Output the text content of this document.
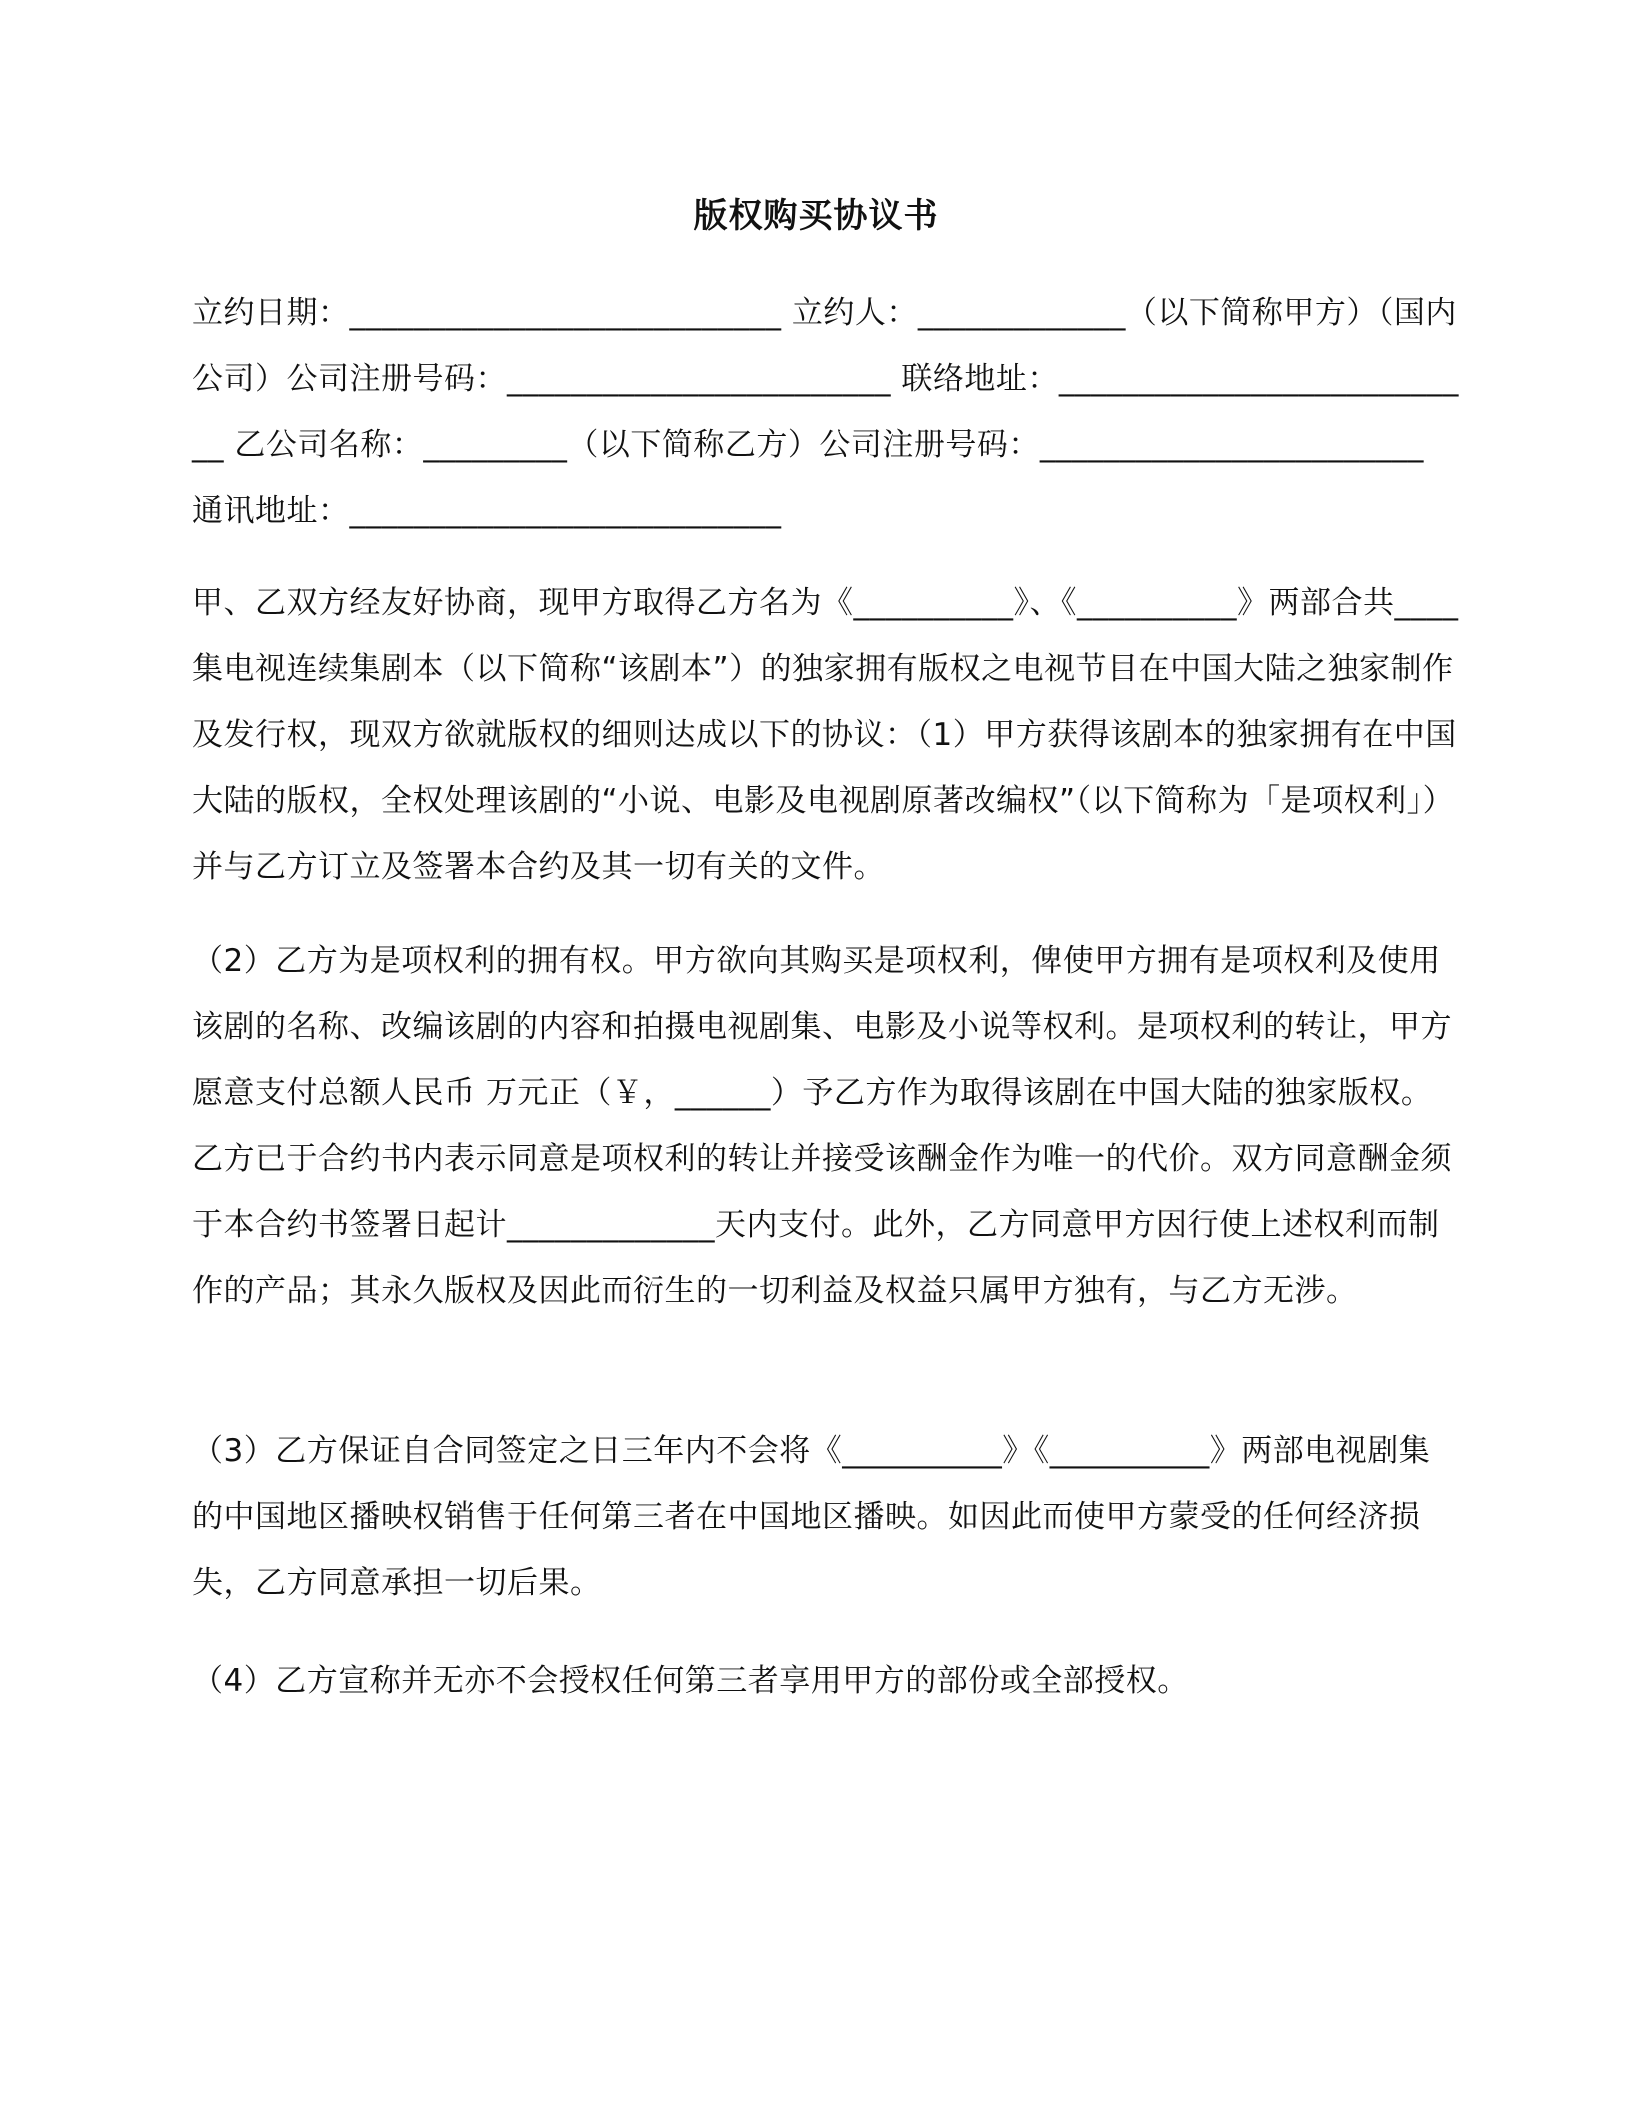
版权购买协议书

立约日期：___________________________ 立约人：_____________（以下简称甲方）（国内公司）公司注册号码：________________________ 联络地址：___________________________ 乙公司名称：_________（以下简称乙方）公司注册号码：________________________ 通讯地址：___________________________

甲、乙双方经友好协商，现甲方取得乙方名为《__________》、《__________》两部合共____集电视连续集剧本（以下简称“该剧本”）的独家拥有版权之电视节目在中国大陆之独家制作及发行权，现双方欲就版权的细则达成以下的协议：（1）甲方获得该剧本的独家拥有在中国大陆的版权，全权处理该剧的“小说、电影及电视剧原著改编权”（以下简称为「是项权利」）并与乙方订立及签署本合约及其一切有关的文件。

（2）乙方为是项权利的拥有权。甲方欲向其购买是项权利，俾使甲方拥有是项权利及使用该剧的名称、改编该剧的内容和拍摄电视剧集、电影及小说等权利。是项权利的转让，甲方愿意支付总额人民币 万元正（￥，______）予乙方作为取得该剧在中国大陆的独家版权。乙方已于合约书内表示同意是项权利的转让并接受该酬金作为唯一的代价。双方同意酬金须于本合约书签署日起计_____________天内支付。此外，乙方同意甲方因行使上述权利而制作的产品；其永久版权及因此而衍生的一切利益及权益只属甲方独有，与乙方无涉。

（3）乙方保证自合同签定之日三年内不会将《__________》《__________》两部电视剧集的中国地区播映权销售于任何第三者在中国地区播映。如因此而使甲方蒙受的任何经济损失，乙方同意承担一切后果。

（4）乙方宣称并无亦不会授权任何第三者享用甲方的部份或全部授权。
